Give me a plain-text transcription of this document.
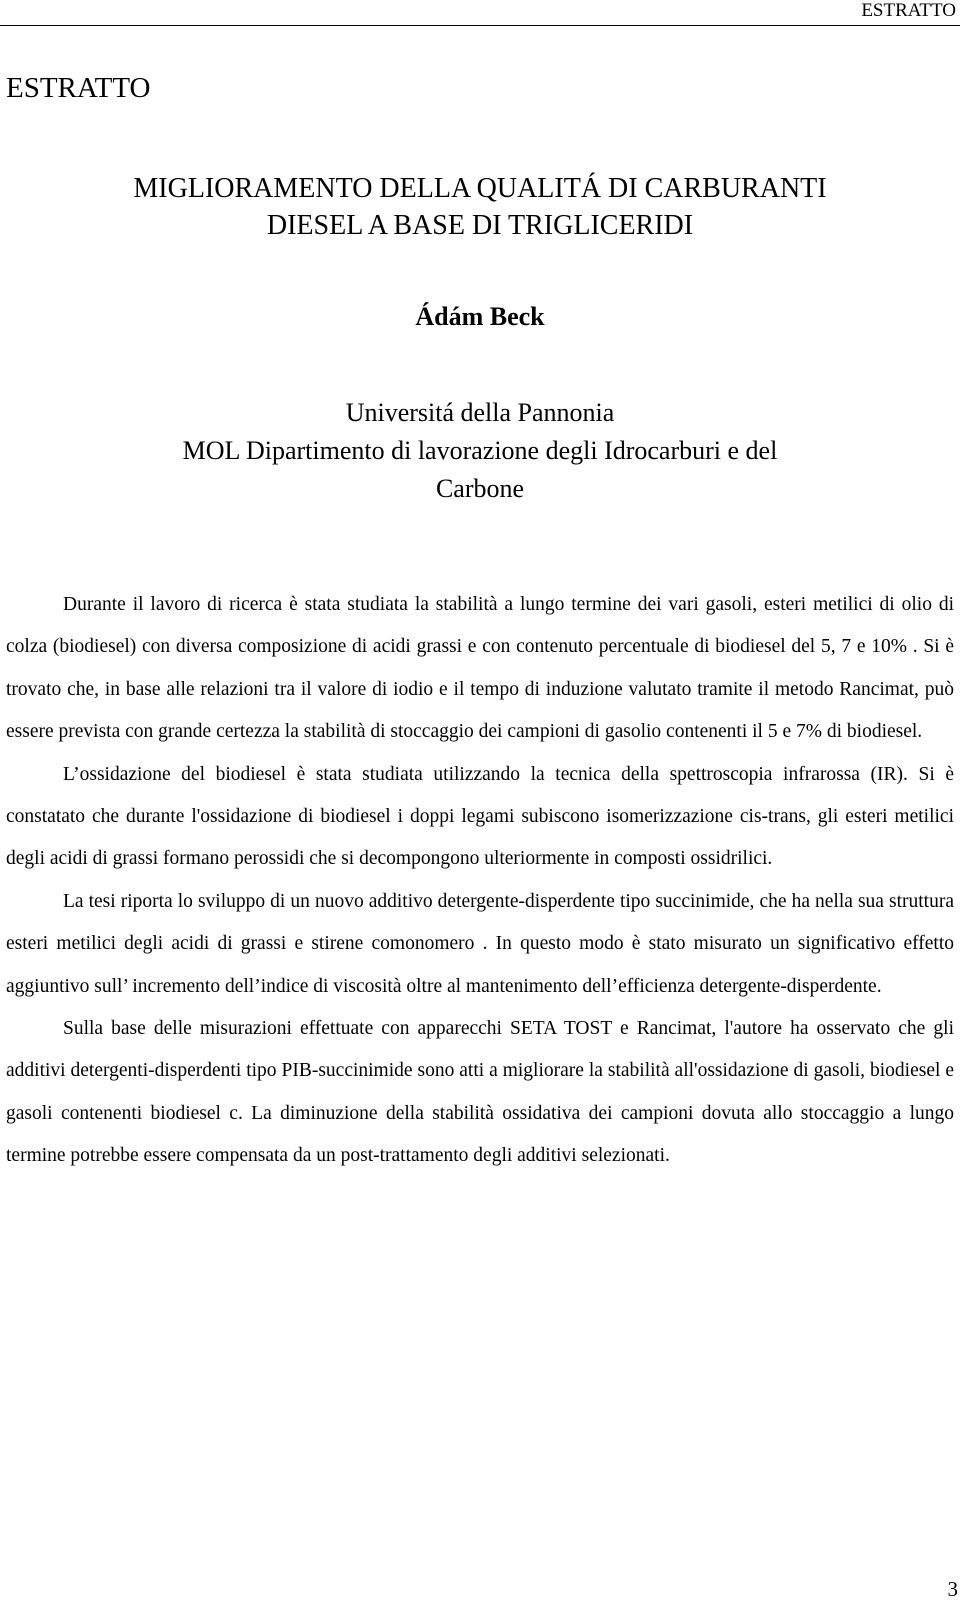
ESTRATTO
ESTRATTO
MIGLIORAMENTO DELLA QUALITÁ DI CARBURANTI
DIESEL A BASE DI TRIGLICERIDI
Ádám Beck
Universitá della Pannonia
MOL Dipartimento di lavorazione degli Idrocarburi e del
Carbone

Durante il lavoro di ricerca è stata studiata la stabilità a lungo termine dei vari gasoli, esteri metilici di olio di colza (biodiesel) con diversa composizione di acidi grassi e con contenuto percentuale di biodiesel del 5, 7 e 10% . Si è trovato che, in base alle relazioni tra il valore di iodio e il tempo di induzione valutato tramite il metodo Rancimat, può essere prevista con grande certezza la stabilità di stoccaggio dei campioni di gasolio contenenti il 5 e 7% di biodiesel.

L’ossidazione del biodiesel è stata studiata utilizzando la tecnica della spettroscopia infrarossa (IR). Si è constatato che durante l'ossidazione di biodiesel i doppi legami subiscono isomerizzazione cis-trans, gli esteri metilici degli acidi di grassi formano perossidi che si decompongono ulteriormente in composti ossidrilici.

La tesi riporta lo sviluppo di un nuovo additivo detergente-disperdente tipo succinimide, che ha nella sua struttura esteri metilici degli acidi di grassi e stirene comonomero . In questo modo è stato misurato un significativo effetto aggiuntivo sull’ incremento dell’indice di viscosità oltre al mantenimento dell’efficienza detergente-disperdente.

Sulla base delle misurazioni effettuate con apparecchi SETA TOST e Rancimat, l'autore ha osservato che gli additivi detergenti-disperdenti tipo PIB-succinimide sono atti a migliorare la stabilità all'ossidazione di gasoli, biodiesel e gasoli contenenti biodiesel c. La diminuzione della stabilità ossidativa dei campioni dovuta allo stoccaggio a lungo termine potrebbe essere compensata da un post-trattamento degli additivi selezionati.

3
